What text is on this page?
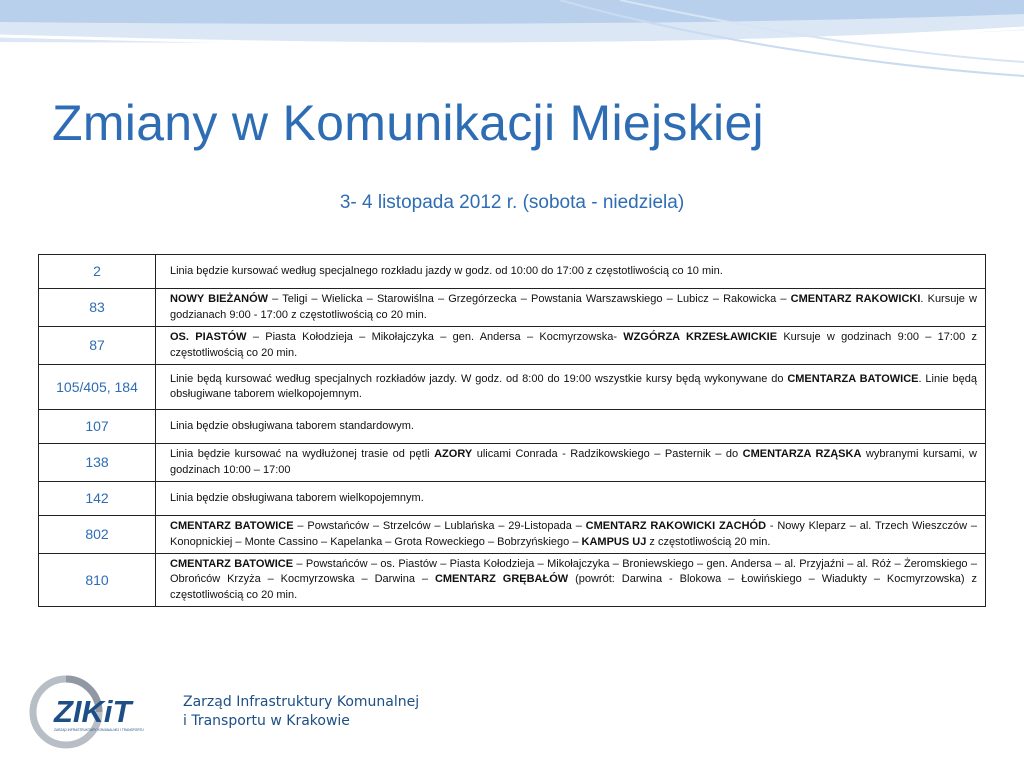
Zmiany w Komunikacji Miejskiej
3- 4 listopada 2012 r. (sobota - niedziela)
2	Linia będzie kursować według specjalnego rozkładu jazdy w godz. od 10:00 do 17:00 z częstotliwością co 10 min.
83	NOWY BIEŻANÓW – Teligi – Wielicka – Starowiślna – Grzegórzecka – Powstania Warszawskiego – Lubicz – Rakowicka – CMENTARZ RAKOWICKI. Kursuje w godzianach 9:00 - 17:00 z częstotliwością co 20 min.
87	OS. PIASTÓW – Piasta Kołodzieja – Mikołajczyka – gen. Andersa – Kocmyrzowska- WZGÓRZA KRZESŁAWICKIE Kursuje w godzinach 9:00 – 17:00 z częstotliwością co 20 min.
105/405, 184	Linie będą kursować według specjalnych rozkładów jazdy. W godz. od 8:00 do 19:00 wszystkie kursy będą wykonywane do CMENTARZA BATOWICE. Linie będą obsługiwane taborem wielkopojemnym.
107	Linia będzie obsługiwana taborem standardowym.
138	Linia będzie kursować na wydłużonej trasie od pętli AZORY ulicami Conrada - Radzikowskiego – Pasternik – do CMENTARZA RZĄSKA wybranymi kursami, w godzinach 10:00 – 17:00
142	Linia będzie obsługiwana taborem wielkopojemnym.
802	CMENTARZ BATOWICE – Powstańców – Strzelców – Lublańska – 29-Listopada – CMENTARZ RAKOWICKI ZACHÓD - Nowy Kleparz – al. Trzech Wieszczów – Konopnickiej – Monte Cassino – Kapelanka – Grota Roweckiego – Bobrzyńskiego – KAMPUS UJ z częstotliwością 20 min.
810	CMENTARZ BATOWICE – Powstańców – os. Piastów – Piasta Kołodzieja – Mikołajczyka – Broniewskiego – gen. Andersa – al. Przyjaźni – al. Róż – Żeromskiego – Obrońców Krzyża – Kocmyrzowska – Darwina – CMENTARZ GRĘBAŁÓW (powrót: Darwina - Blokowa – Łowińskiego – Wiadukty – Kocmyrzowska) z częstotliwością co 20 min.
ZIKiT
ZARZĄD INFRASTRUKTURY KOMUNALNEJ I TRANSPORTU
Zarząd Infrastruktury Komunalnej
i Transportu w Krakowie
